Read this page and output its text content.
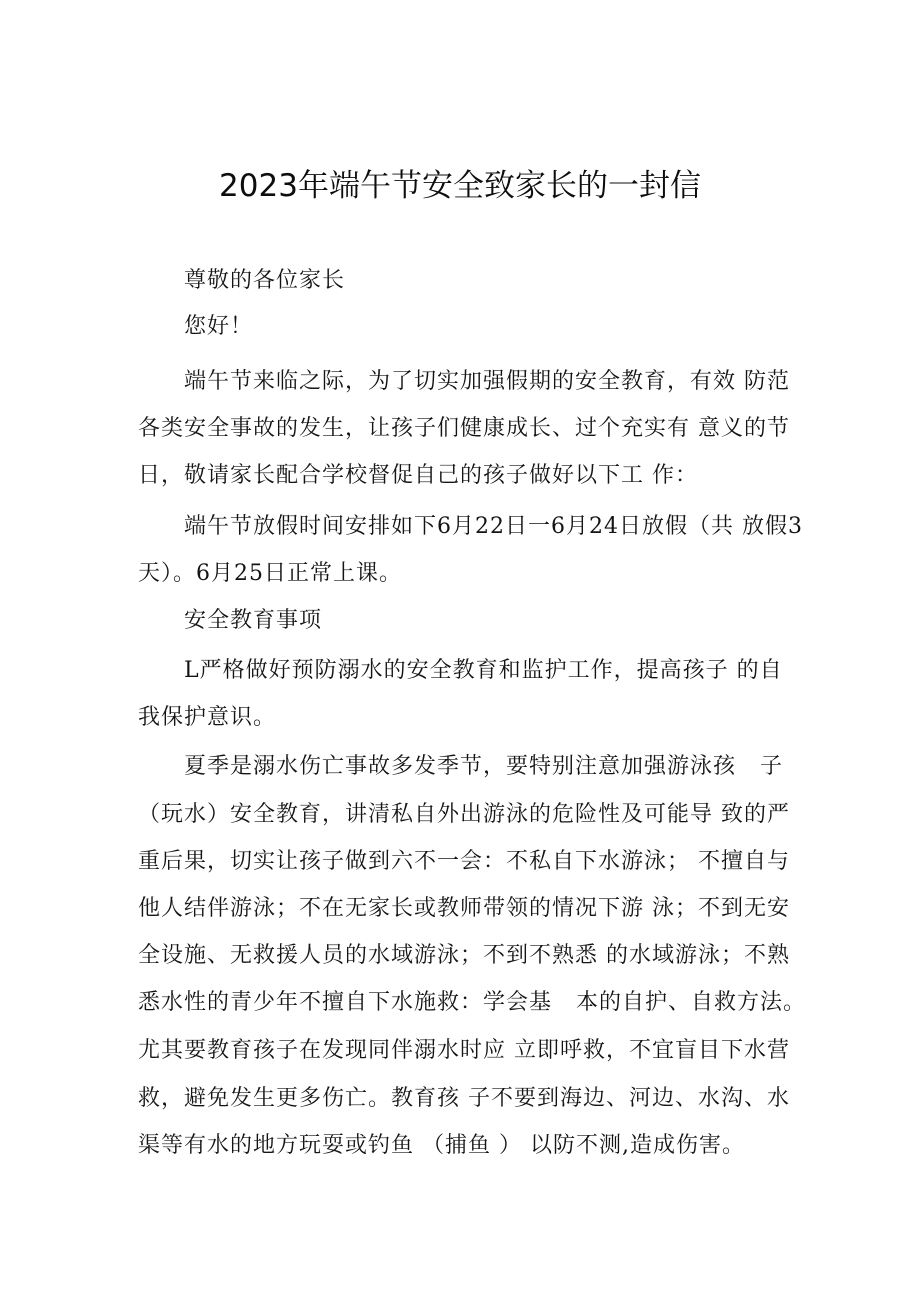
2023年端午节安全致家长的一封信
尊敬的各位家长
您好！
端午节来临之际，为了切实加强假期的安全教育，有效 防范
各类安全事故的发生，让孩子们健康成长、过个充实有 意义的节
日，敬请家长配合学校督促自己的孩子做好以下工 作：
端午节放假时间安排如下6月22日一6月24日放假（共 放假3
天）。6月25日正常上课。
安全教育事项
L严格做好预防溺水的安全教育和监护工作，提高孩子 的自
我保护意识。
夏季是溺水伤亡事故多发季节，要特别注意加强游泳孩   子
（玩水）安全教育，讲清私自外出游泳的危险性及可能导 致的严
重后果，切实让孩子做到六不一会：不私自下水游泳； 不擅自与
他人结伴游泳；不在无家长或教师带领的情况下游 泳；不到无安
全设施、无救援人员的水域游泳；不到不熟悉 的水域游泳；不熟
悉水性的青少年不擅自下水施救：学会基   本的自护、自救方法。
尤其要教育孩子在发现同伴溺水时应 立即呼救，不宜盲目下水营
救，避免发生更多伤亡。教育孩 子不要到海边、河边、水沟、水
渠等有水的地方玩耍或钓鱼 （捕鱼 ） 以防不测,造成伤害。
